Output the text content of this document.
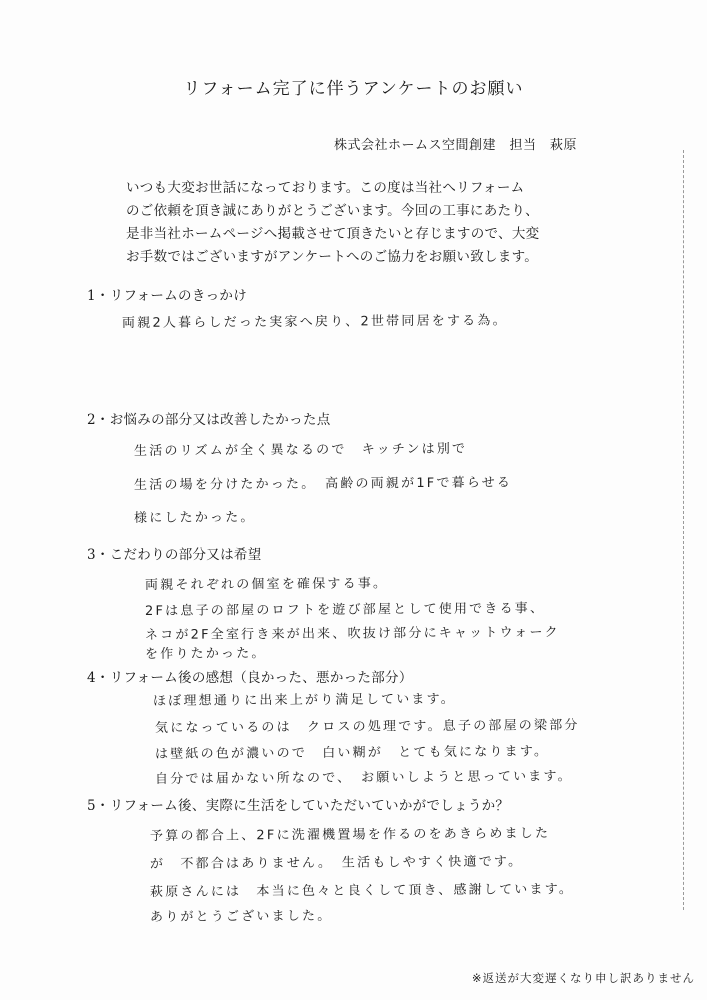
リフォーム完了に伴うアンケートのお願い
株式会社ホームス空間創建　担当　萩原
いつも大変お世話になっております。この度は当社へリフォーム
のご依頼を頂き誠にありがとうございます。今回の工事にあたり、
是非当社ホームページへ掲載させて頂きたいと存じますので、大変
お手数ではございますがアンケートへのご協力をお願い致します。
1・リフォームのきっかけ
両親2人暮らしだった実家へ戻り、2世帯同居をする為。
2・お悩みの部分又は改善したかった点
生活のリズムが全く異なるので　キッチンは別で
生活の場を分けたかった。　高齢の両親が1Fで暮らせる
様にしたかった。
3・こだわりの部分又は希望
両親それぞれの個室を確保する事。
2Fは息子の部屋のロフトを遊び部屋として使用できる事、
ネコが2F全室行き来が出来、吹抜け部分にキャットウォーク
を作りたかった。
4・リフォーム後の感想（良かった、悪かった部分）
ほぼ理想通りに出来上がり満足しています。
気になっているのは　クロスの処理です。息子の部屋の梁部分
は壁紙の色が濃いので　白い糊が　とても気になります。
自分では届かない所なので、　お願いしようと思っています。
5・リフォーム後、実際に生活をしていただいていかがでしょうか？
予算の都合上、2Fに洗濯機置場を作るのをあきらめました
が　不都合はありません。　生活もしやすく快適です。
萩原さんには　本当に色々と良くして頂き、感謝しています。
ありがとうございました。
※返送が大変遅くなり申し訳ありません
